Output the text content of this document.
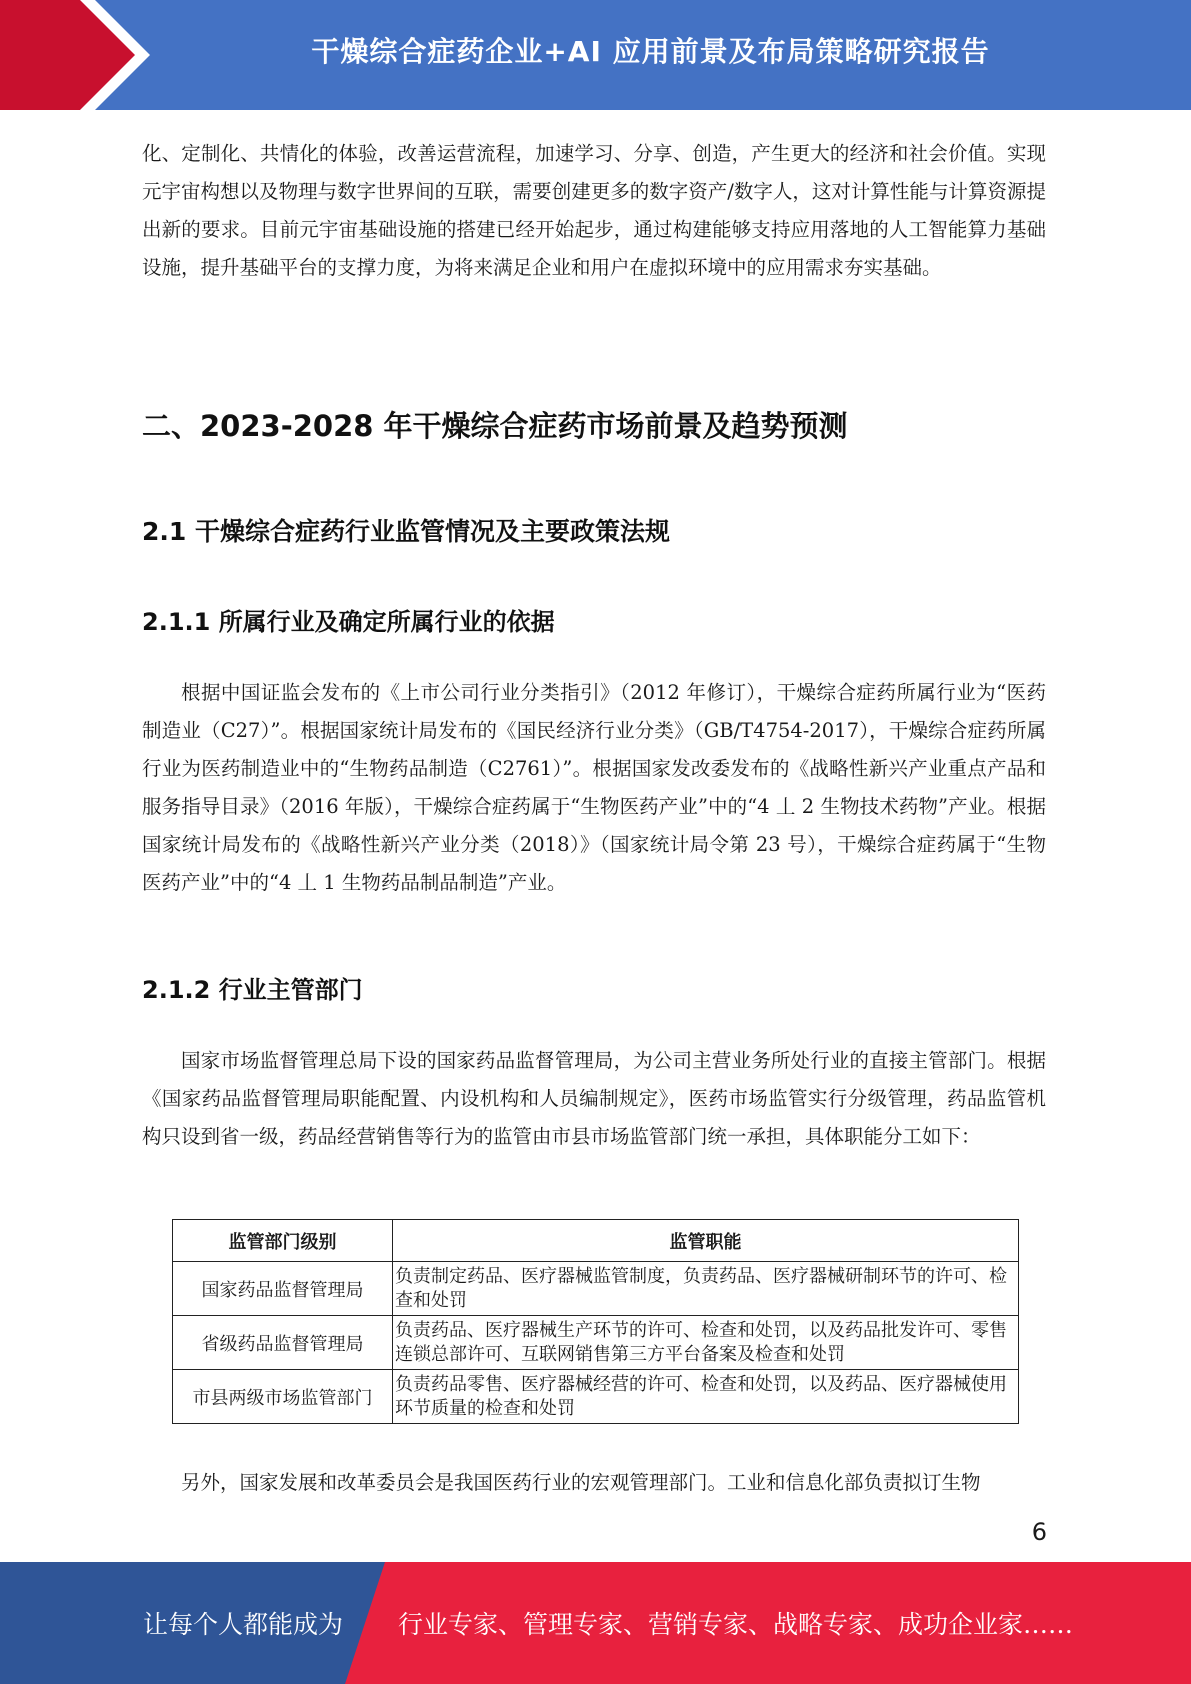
干燥综合症药企业+AI 应用前景及布局策略研究报告
化、定制化、共情化的体验，改善运营流程，加速学习、分享、创造，产生更大的经济和社会价值。实现元宇宙构想以及物理与数字世界间的互联，需要创建更多的数字资产/数字人，这对计算性能与计算资源提出新的要求。目前元宇宙基础设施的搭建已经开始起步，通过构建能够支持应用落地的人工智能算力基础设施，提升基础平台的支撑力度，为将来满足企业和用户在虚拟环境中的应用需求夯实基础。
二、2023-2028 年干燥综合症药市场前景及趋势预测
2.1 干燥综合症药行业监管情况及主要政策法规
2.1.1 所属行业及确定所属行业的依据
根据中国证监会发布的《上市公司行业分类指引》（2012 年修订），干燥综合症药所属行业为“医药制造业（C27）”。根据国家统计局发布的《国民经济行业分类》（GB/T4754-2017），干燥综合症药所属行业为医药制造业中的“生物药品制造（C2761）”。根据国家发改委发布的《战略性新兴产业重点产品和服务指导目录》（2016 年版），干燥综合症药属于“生物医药产业”中的“4 丄 2 生物技术药物”产业。根据国家统计局发布的《战略性新兴产业分类（2018）》（国家统计局令第 23 号），干燥综合症药属于“生物医药产业”中的“4 丄 1 生物药品制品制造”产业。
2.1.2 行业主管部门
国家市场监督管理总局下设的国家药品监督管理局，为公司主营业务所处行业的直接主管部门。根据《国家药品监督管理局职能配置、内设机构和人员编制规定》，医药市场监管实行分级管理，药品监管机构只设到省一级，药品经营销售等行为的监管由市县市场监管部门统一承担，具体职能分工如下：
监管部门级别	监管职能
国家药品监督管理局	负责制定药品、医疗器械监管制度，负责药品、医疗器械研制环节的许可、检查和处罚
省级药品监督管理局	负责药品、医疗器械生产环节的许可、检查和处罚，以及药品批发许可、零售连锁总部许可、互联网销售第三方平台备案及检查和处罚
市县两级市场监管部门	负责药品零售、医疗器械经营的许可、检查和处罚，以及药品、医疗器械使用环节质量的检查和处罚
另外，国家发展和改革委员会是我国医药行业的宏观管理部门。工业和信息化部负责拟订生物
6
让每个人都能成为 行业专家、管理专家、营销专家、战略专家、成功企业家……
